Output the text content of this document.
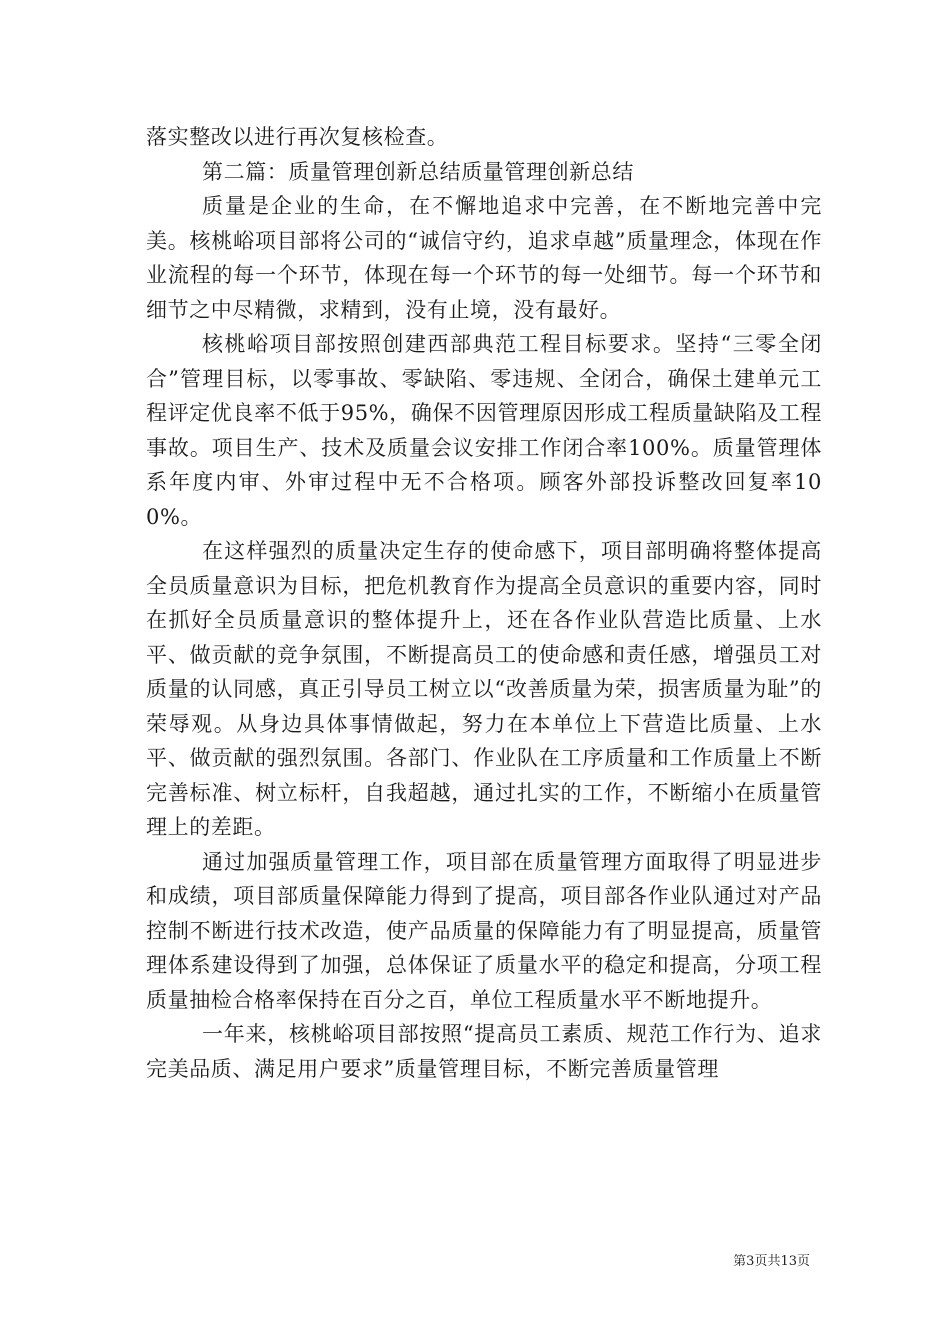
落实整改以进行再次复核检查。

第二篇：质量管理创新总结质量管理创新总结

质量是企业的生命，在不懈地追求中完善，在不断地完善中完美。核桃峪项目部将公司的“诚信守约，追求卓越”质量理念，体现在作业流程的每一个环节，体现在每一个环节的每一处细节。每一个环节和细节之中尽精微，求精到，没有止境，没有最好。

核桃峪项目部按照创建西部典范工程目标要求。坚持“三零全闭合”管理目标，以零事故、零缺陷、零违规、全闭合，确保土建单元工程评定优良率不低于95%，确保不因管理原因形成工程质量缺陷及工程事故。项目生产、技术及质量会议安排工作闭合率100%。质量管理体系年度内审、外审过程中无不合格项。顾客外部投诉整改回复率100%。

在这样强烈的质量决定生存的使命感下，项目部明确将整体提高全员质量意识为目标，把危机教育作为提高全员意识的重要内容，同时在抓好全员质量意识的整体提升上，还在各作业队营造比质量、上水平、做贡献的竞争氛围，不断提高员工的使命感和责任感，增强员工对质量的认同感，真正引导员工树立以“改善质量为荣，损害质量为耻”的荣辱观。从身边具体事情做起，努力在本单位上下营造比质量、上水平、做贡献的强烈氛围。各部门、作业队在工序质量和工作质量上不断完善标准、树立标杆，自我超越，通过扎实的工作，不断缩小在质量管理上的差距。

通过加强质量管理工作，项目部在质量管理方面取得了明显进步和成绩，项目部质量保障能力得到了提高，项目部各作业队通过对产品控制不断进行技术改造，使产品质量的保障能力有了明显提高，质量管理体系建设得到了加强，总体保证了质量水平的稳定和提高，分项工程质量抽检合格率保持在百分之百，单位工程质量水平不断地提升。

一年来，核桃峪项目部按照“提高员工素质、规范工作行为、追求完美品质、满足用户要求”质量管理目标，不断完善质量管理

第3页共13页
